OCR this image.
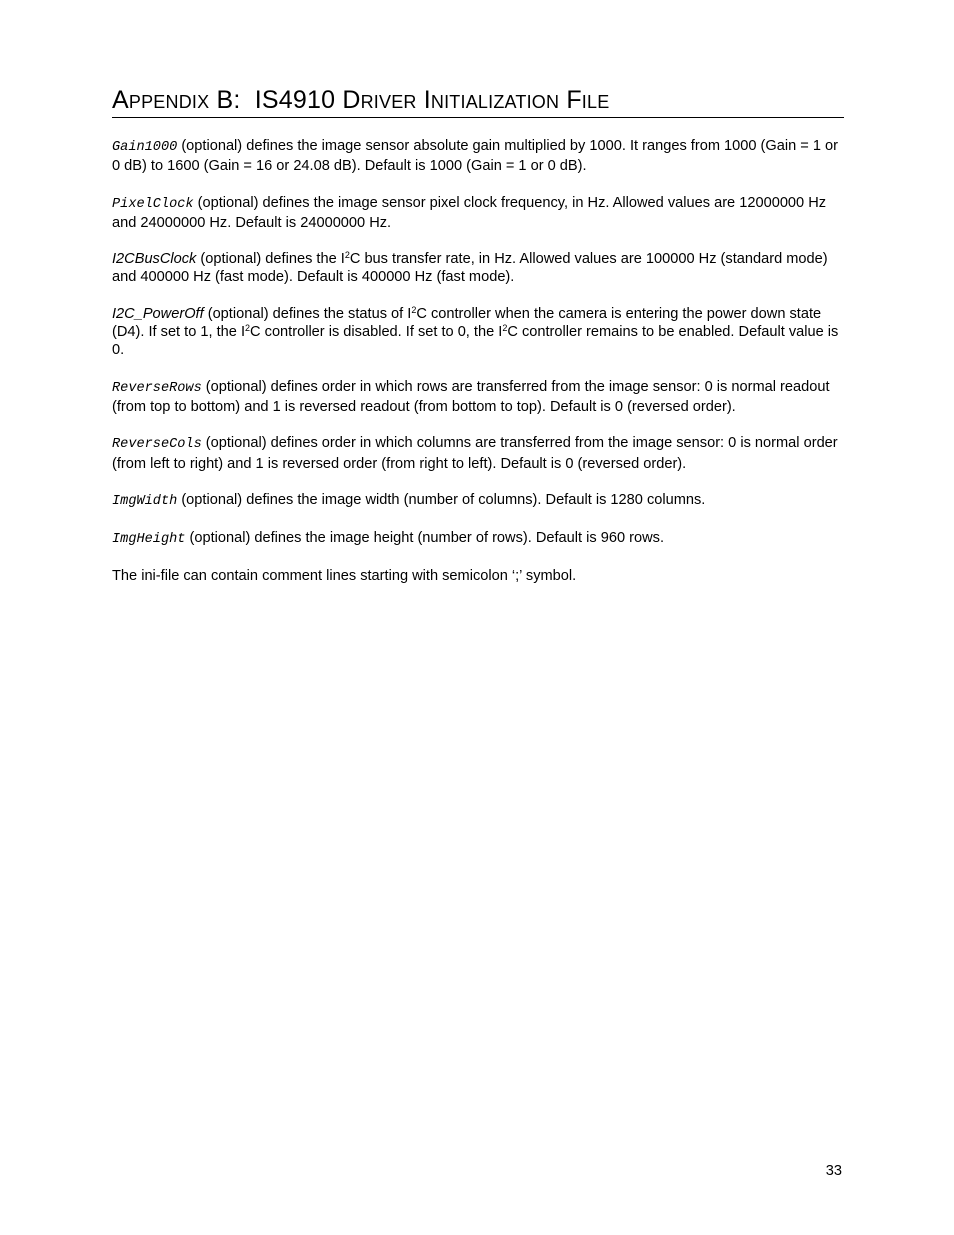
Appendix B: IS4910 Driver Initialization File

Gain1000 (optional) defines the image sensor absolute gain multiplied by 1000. It ranges from 1000 (Gain = 1 or 0 dB) to 1600 (Gain = 16 or 24.08 dB). Default is 1000 (Gain = 1 or 0 dB).

PixelClock (optional) defines the image sensor pixel clock frequency, in Hz. Allowed values are 12000000 Hz and 24000000 Hz. Default is 24000000 Hz.

I2CBusClock (optional) defines the $I^2C$ bus transfer rate, in Hz. Allowed values are 100000 Hz (standard mode) and 400000 Hz (fast mode). Default is 400000 Hz (fast mode).

I2C_PowerOff (optional) defines the status of $I^2C$ controller when the camera is entering the power down state (D4). If set to 1, the $I^2C$ controller is disabled. If set to 0, the $I^2C$ controller remains to be enabled. Default value is 0.

ReverseRows (optional) defines order in which rows are transferred from the image sensor: 0 is normal readout (from top to bottom) and 1 is reversed readout (from bottom to top). Default is 0 (reversed order).

ReverseCols (optional) defines order in which columns are transferred from the image sensor: 0 is normal order (from left to right) and 1 is reversed order (from right to left). Default is 0 (reversed order).

ImgWidth (optional) defines the image width (number of columns). Default is 1280 columns.

ImgHeight (optional) defines the image height (number of rows). Default is 960 rows.

The ini-file can contain comment lines starting with semicolon ‘;’ symbol.

33
